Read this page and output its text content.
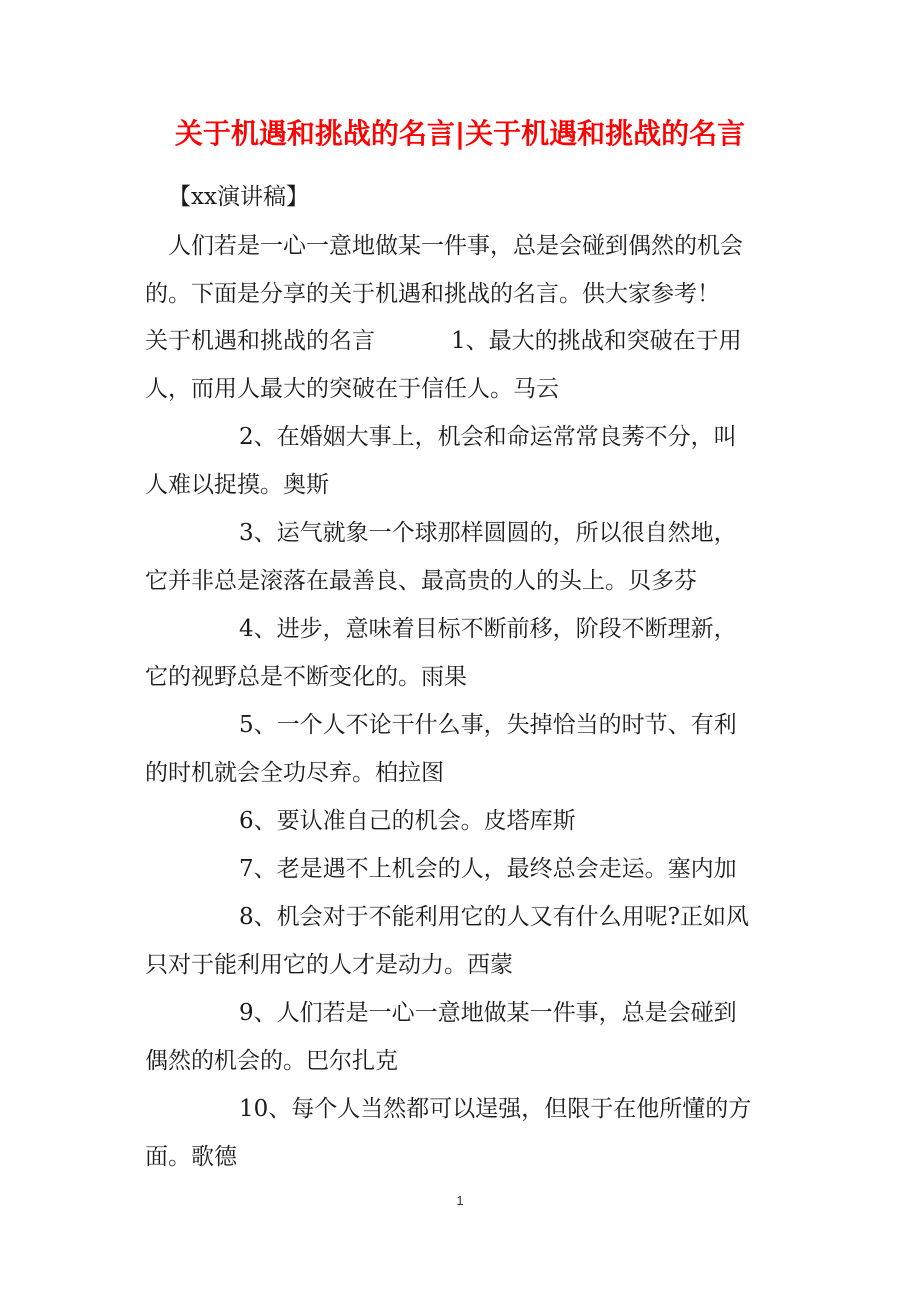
关于机遇和挑战的名言|关于机遇和挑战的名言
【xx演讲稿】
人们若是一心一意地做某一件事，总是会碰到偶然的机会
的。下面是分享的关于机遇和挑战的名言。供大家参考！
关于机遇和挑战的名言	1、最大的挑战和突破在于用
人，而用人最大的突破在于信任人。马云
2、在婚姻大事上，机会和命运常常良莠不分，叫
人难以捉摸。奥斯
3、运气就象一个球那样圆圆的，所以很自然地，
它并非总是滚落在最善良、最高贵的人的头上。贝多芬
4、进步，意味着目标不断前移，阶段不断理新，
它的视野总是不断变化的。雨果
5、一个人不论干什么事，失掉恰当的时节、有利
的时机就会全功尽弃。柏拉图
6、要认准自己的机会。皮塔库斯
7、老是遇不上机会的人，最终总会走运。塞内加
8、机会对于不能利用它的人又有什么用呢?正如风
只对于能利用它的人才是动力。西蒙
9、人们若是一心一意地做某一件事，总是会碰到
偶然的机会的。巴尔扎克
10、每个人当然都可以逞强，但限于在他所懂的方
面。歌德
1
